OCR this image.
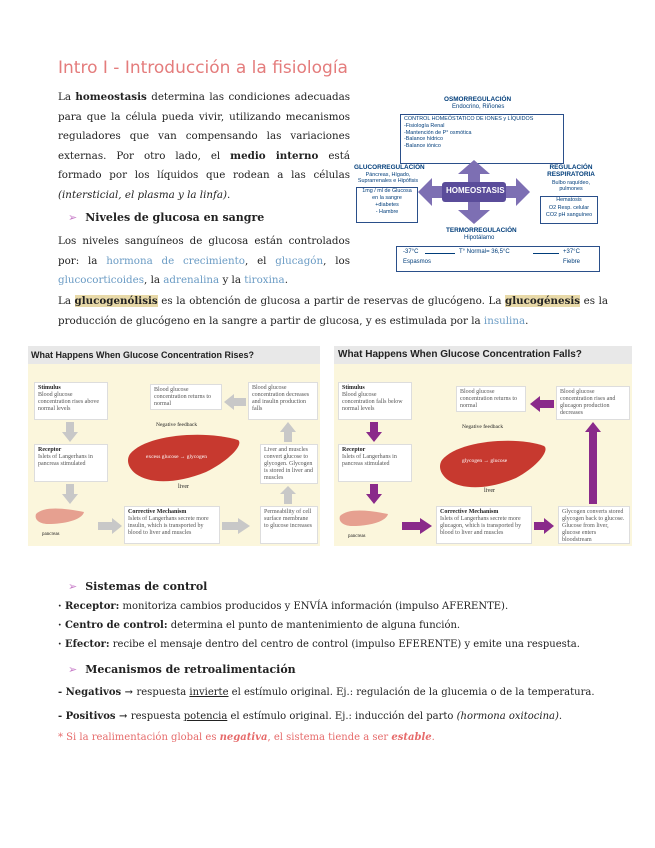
Intro I - Introducción a la fisiología
La homeostasis determina las condiciones adecuadas para que la célula pueda vivir, utilizando mecanismos reguladores que van compensando las variaciones externas. Por otro lado, el medio interno está formado por los líquidos que rodean a las células (intersticial, el plasma y la linfa).
➢ Niveles de glucosa en sangre
Los niveles sanguíneos de glucosa están controlados por: la hormona de crecimiento, el glucagón, los glucocorticoides, la adrenalina y la tiroxina.
La glucogenólisis es la obtención de glucosa a partir de reservas de glucógeno. La glucogénesis es la producción de glucógeno en la sangre a partir de glucosa, y es estimulada por la insulina.
OSMORREGULACIÓN
Endocrino, Riñones
CONTROL HOMEÓSTATICO DE IONES y LÍQUIDOS
-Fisiología Renal
-Mantención de P° osmótica
-Balance hídrico
-Balance iónico
HOMEOSTASIS
GLUCORREGULACIÓN
Páncreas, Hígado, Suprarrenales e Hipófisis
1mg / ml de Glucosa
en la sangre
+diabetes
- Hambre
REGULACIÓN RESPIRATORIA
Bulbo raquídeo, pulmones
Hematosis
O2 Resp. celular
CO2 pH sanguíneo
TERMORREGULACIÓN
Hipotálamo
-37°C	T° Normal= 36,5°C	+37°C
Espasmos	Fiebre
What Happens When Glucose Concentration Rises?
Stimulus
Blood glucose concentration rises above normal levels
Receptor
Islets of Langerhans in pancreas stimulated
Corrective Mechanism
Islets of Langerhans secrete more insulin, which is transported by blood to liver and muscles
Liver and muscles convert glucose to glycogen. Glycogen is stored in liver and muscles
Permeability of cell surface membrane to glucose increases
Blood glucose concentration decreases and insulin production falls
Blood glucose concentration returns to normal
Negative feedback
excess glucose → glycogen
liver
pancreas
What Happens When Glucose Concentration Falls?
Stimulus
Blood glucose concentration falls below normal levels
Receptor
Islets of Langerhans in pancreas stimulated
Corrective Mechanism
Islets of Langerhans secrete more glucagon, which is transported by blood to liver and muscles
Glycogen converts stored glycogen back to glucose. Glucose from liver, glucose enters bloodstream
Blood glucose concentration rises and glucagon production decreases
Blood glucose concentration returns to normal
Negative feedback
glycogen → glucose
liver
pancreas
➢ Sistemas de control
· Receptor: monitoriza cambios producidos y ENVÍA información (impulso AFERENTE).
· Centro de control: determina el punto de mantenimiento de alguna función.
· Efector: recibe el mensaje dentro del centro de control (impulso EFERENTE) y emite una respuesta.
➢ Mecanismos de retroalimentación
- Negativos → respuesta invierte el estímulo original. Ej.: regulación de la glucemia o de la temperatura.
- Positivos → respuesta potencia el estímulo original. Ej.: inducción del parto (hormona oxitocina).
* Si la realimentación global es negativa, el sistema tiende a ser estable.
